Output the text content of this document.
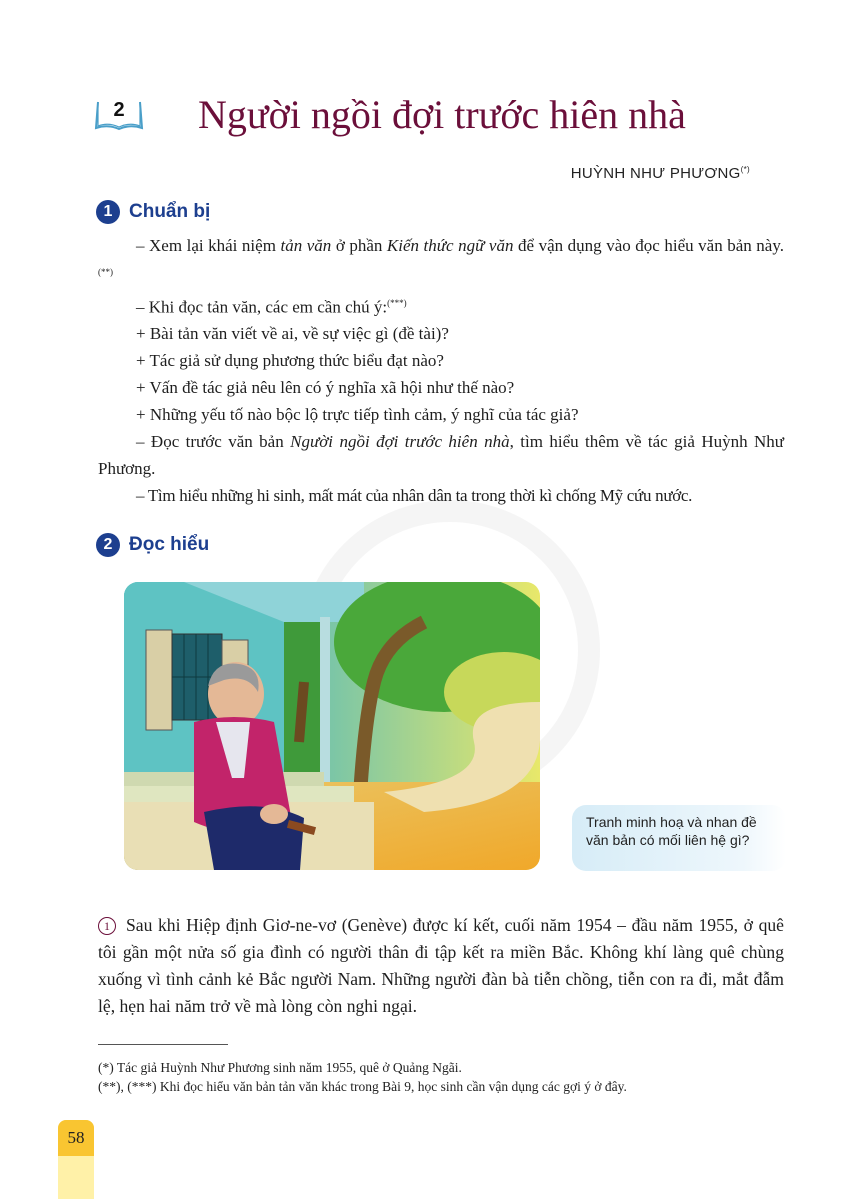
2	Người ngồi đợi trước hiên nhà
HUỲNH NHƯ PHƯƠNG(*)
1 Chuẩn bị

– Xem lại khái niệm tản văn ở phần Kiến thức ngữ văn để vận dụng vào đọc hiểu văn bản này.(**)

– Khi đọc tản văn, các em cần chú ý:(***)

+ Bài tản văn viết về ai, về sự việc gì (đề tài)?

+ Tác giả sử dụng phương thức biểu đạt nào?

+ Vấn đề tác giả nêu lên có ý nghĩa xã hội như thế nào?

+ Những yếu tố nào bộc lộ trực tiếp tình cảm, ý nghĩ của tác giả?

– Đọc trước văn bản Người ngồi đợi trước hiên nhà, tìm hiểu thêm về tác giả Huỳnh Như Phương.

– Tìm hiểu những hi sinh, mất mát của nhân dân ta trong thời kì chống Mỹ cứu nước.

2 Đọc hiểu
Tranh minh hoạ và nhan đề văn bản có mối liên hệ gì?
1 Sau khi Hiệp định Giơ-ne-vơ (Genève) được kí kết, cuối năm 1954 – đầu năm 1955, ở quê tôi gần một nửa số gia đình có người thân đi tập kết ra miền Bắc. Không khí làng quê chùng xuống vì tình cảnh kẻ Bắc người Nam. Những người đàn bà tiễn chồng, tiễn con ra đi, mắt đẫm lệ, hẹn hai năm trở về mà lòng còn nghi ngại.
(*) Tác giả Huỳnh Như Phương sinh năm 1955, quê ở Quảng Ngãi.
(**), (***) Khi đọc hiểu văn bản tản văn khác trong Bài 9, học sinh cần vận dụng các gợi ý ở đây.
58
